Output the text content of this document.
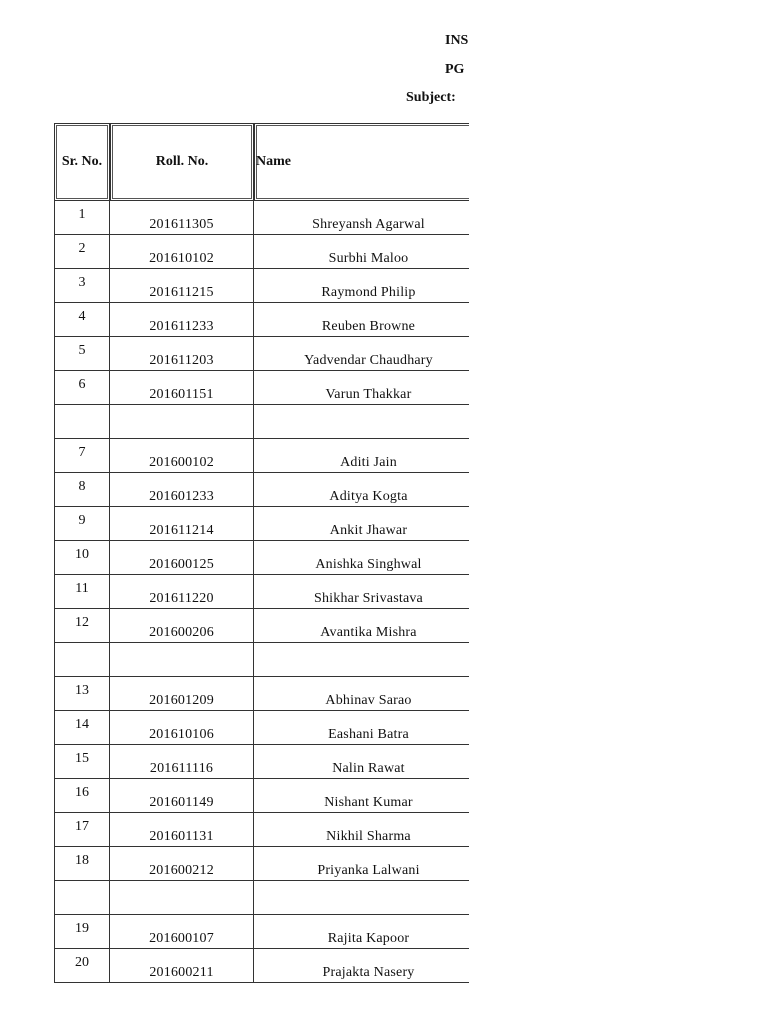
INS
PG
Subject:
Sr. No.	Roll. No.	Name
1	201611305	Shreyansh Agarwal
2	201610102	Surbhi Maloo
3	201611215	Raymond Philip
4	201611233	Reuben Browne
5	201611203	Yadvendar Chaudhary
6	201601151	Varun Thakkar

7	201600102	Aditi Jain
8	201601233	Aditya Kogta
9	201611214	Ankit Jhawar
10	201600125	Anishka Singhwal
11	201611220	Shikhar Srivastava
12	201600206	Avantika Mishra

13	201601209	Abhinav Sarao
14	201610106	Eashani Batra
15	201611116	Nalin Rawat
16	201601149	Nishant Kumar
17	201601131	Nikhil Sharma
18	201600212	Priyanka Lalwani

19	201600107	Rajita Kapoor
20	201600211	Prajakta Nasery
